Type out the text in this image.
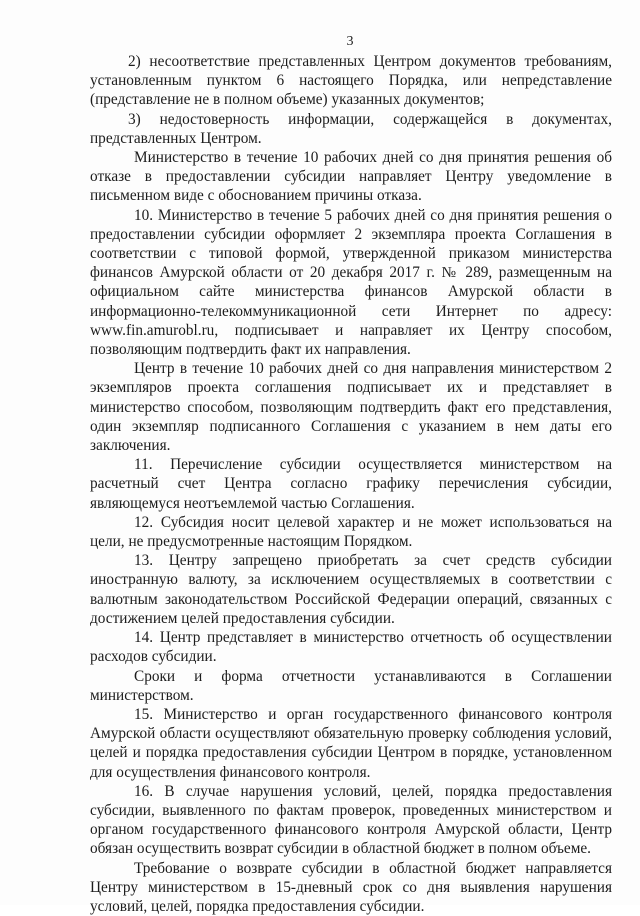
3

2) несоответствие представленных Центром документов требованиям, установленным пунктом 6 настоящего Порядка, или непредставление (представление не в полном объеме) указанных документов;

3) недостоверность информации, содержащейся в документах, представленных Центром.

Министерство в течение 10 рабочих дней со дня принятия решения об отказе в предоставлении субсидии направляет Центру уведомление в письменном виде с обоснованием причины отказа.

10. Министерство в течение 5 рабочих дней со дня принятия решения о предоставлении субсидии оформляет 2 экземпляра проекта Соглашения в соответствии с типовой формой, утвержденной приказом министерства финансов Амурской области от 20 декабря 2017 г. № 289, размещенным на официальном сайте министерства финансов Амурской области в информационно-телекоммуникационной сети Интернет по адресу: www.fin.amurobl.ru, подписывает и направляет их Центру способом, позволяющим подтвердить факт их направления.

Центр в течение 10 рабочих дней со дня направления министерством 2 экземпляров проекта соглашения подписывает их и представляет в министерство способом, позволяющим подтвердить факт его представления, один экземпляр подписанного Соглашения с указанием в нем даты его заключения.

11. Перечисление субсидии осуществляется министерством на расчетный счет Центра согласно графику перечисления субсидии, являющемуся неотъемлемой частью Соглашения.

12. Субсидия носит целевой характер и не может использоваться на цели, не предусмотренные настоящим Порядком.

13. Центру запрещено приобретать за счет средств субсидии иностранную валюту, за исключением осуществляемых в соответствии с валютным законодательством Российской Федерации операций, связанных с достижением целей предоставления субсидии.

14. Центр представляет в министерство отчетность об осуществлении расходов субсидии.

Сроки и форма отчетности устанавливаются в Соглашении министерством.

15. Министерство и орган государственного финансового контроля Амурской области осуществляют обязательную проверку соблюдения условий, целей и порядка предоставления субсидии Центром в порядке, установленном для осуществления финансового контроля.

16. В случае нарушения условий, целей, порядка предоставления субсидии, выявленного по фактам проверок, проведенных министерством и органом государственного финансового контроля Амурской области, Центр обязан осуществить возврат субсидии в областной бюджет в полном объеме.

Требование о возврате субсидии в областной бюджет направляется Центру министерством в 15-дневный срок со дня выявления нарушения условий, целей, порядка предоставления субсидии.
